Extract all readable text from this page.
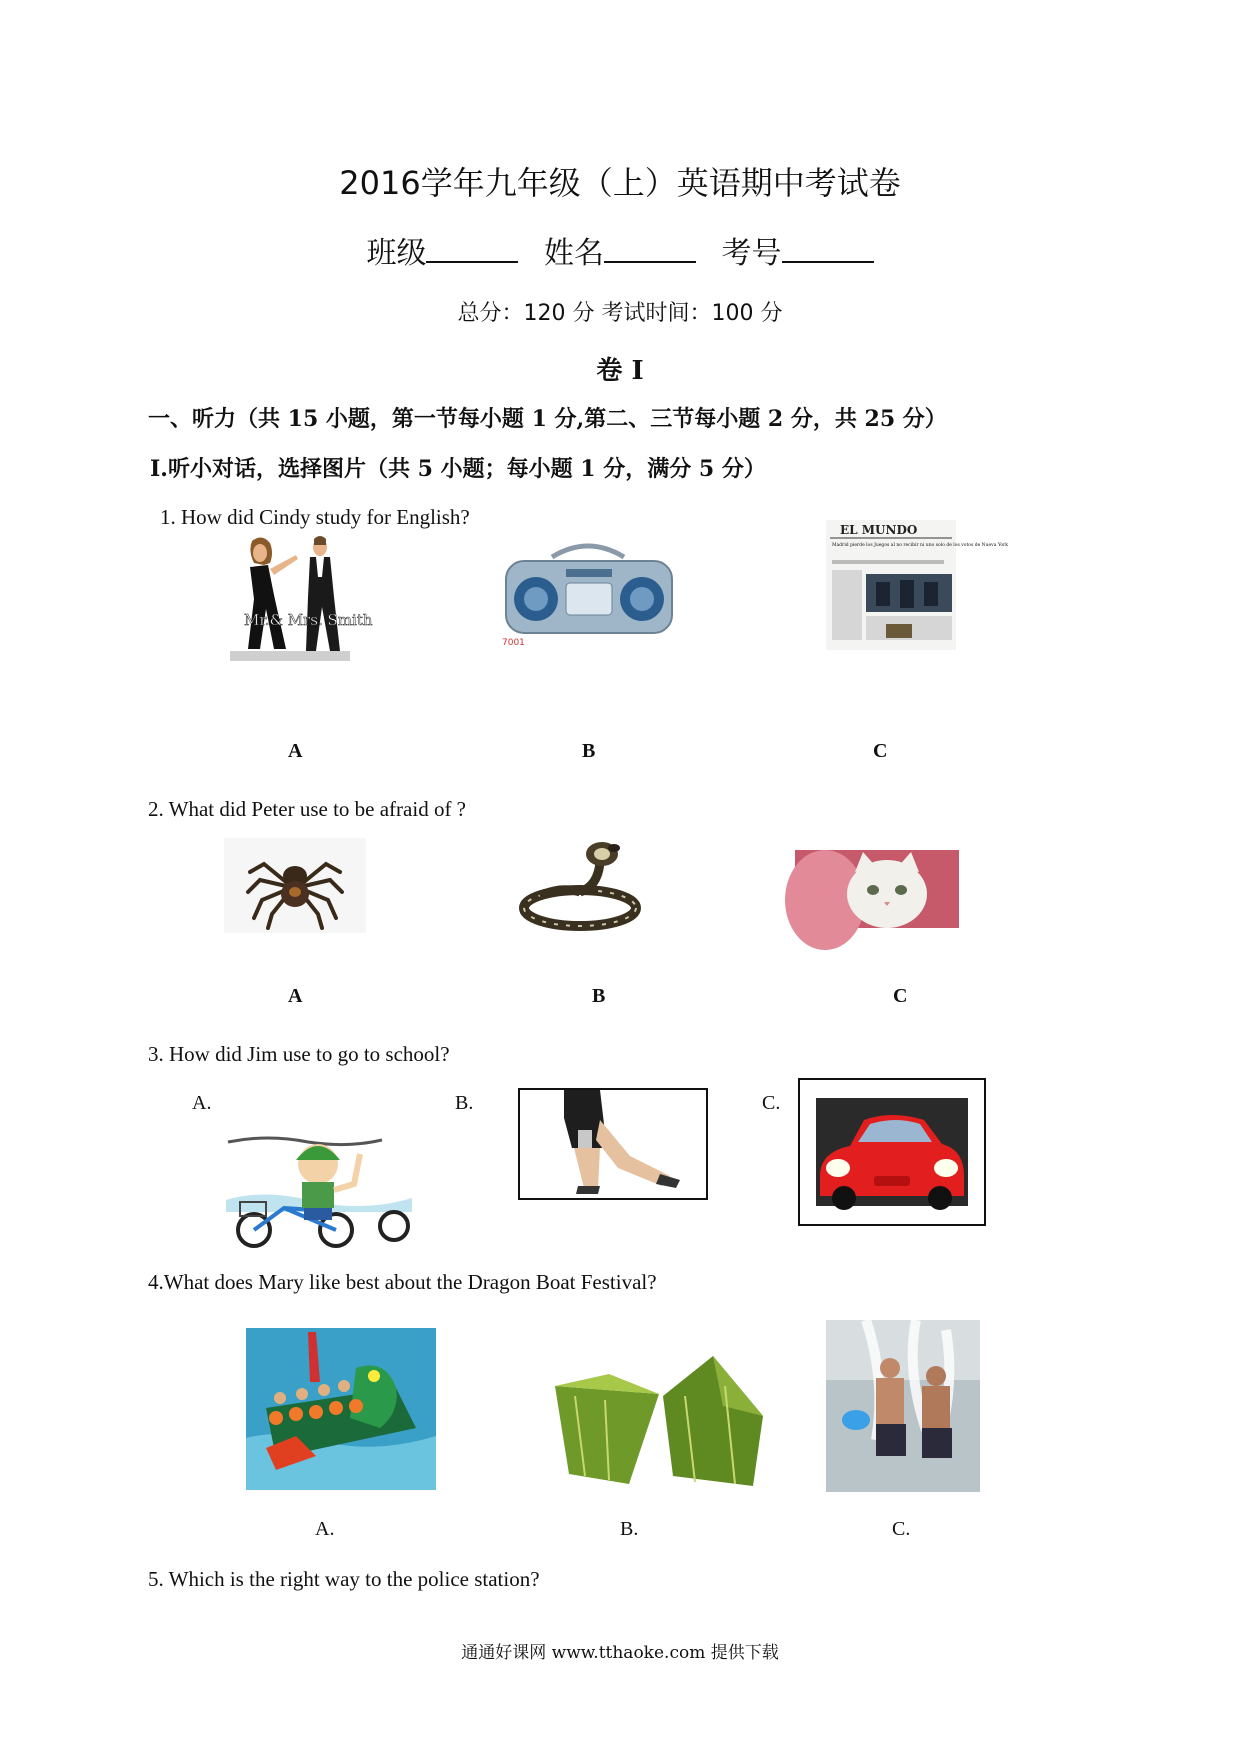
2016学年九年级（上）英语期中考试卷
班级	姓名	考号
总分：120 分 考试时间：100 分
卷 I
一、听力（共 15 小题，第一节每小题 1 分,第二、三节每小题 2 分，共 25 分）
Ⅰ.听小对话，选择图片（共 5 小题；每小题 1 分，满分 5 分）
1. How did Cindy study for English?
Mr.& Mrs. Smith
7001
EL MUNDO
Madrid pierde los Juegos al no recibir ni uno solo de los votos de Nueva York
A	B	C
2. What did Peter use to be afraid of ?
A	B	C
3. How did Jim use to go to school?
A.	B.	C.
4.What does Mary like best about the Dragon Boat Festival?
A.	B.	C.
5. Which is the right way to the police station?
通通好课网 www.tthaoke.com 提供下载
